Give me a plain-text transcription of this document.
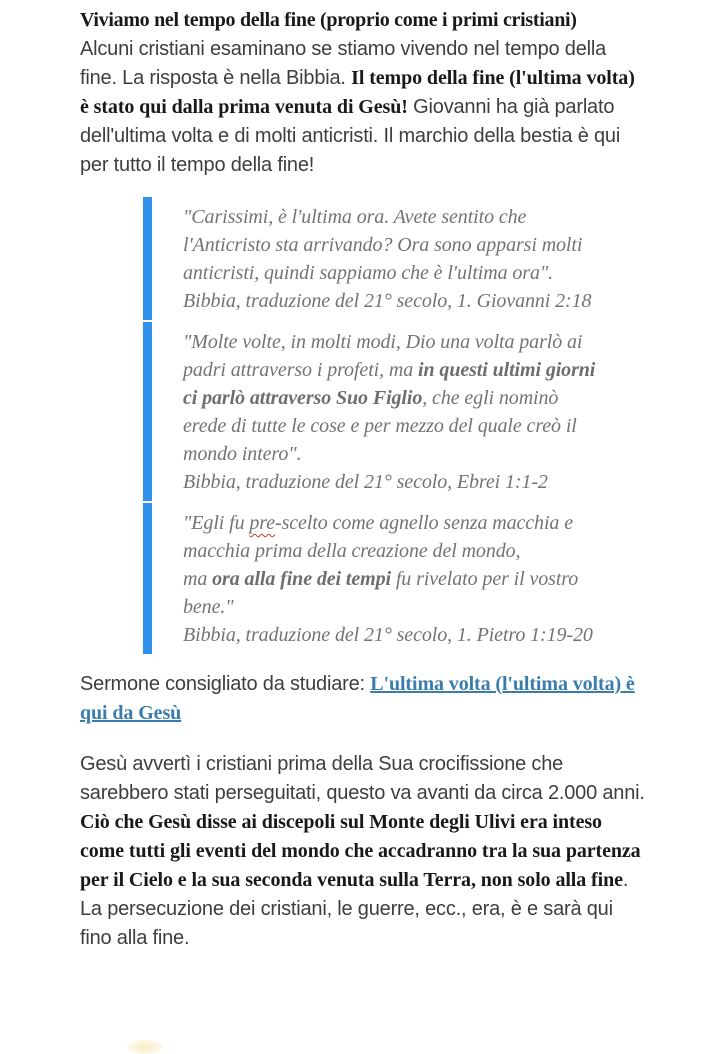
Viviamo nel tempo della fine (proprio come i primi cristiani)
Alcuni cristiani esaminano se stiamo vivendo nel tempo della fine. La risposta è nella Bibbia. Il tempo della fine (l'ultima volta) è stato qui dalla prima venuta di Gesù! Giovanni ha già parlato dell'ultima volta e di molti anticristi. Il marchio della bestia è qui per tutto il tempo della fine!

"Carissimi, è l'ultima ora. Avete sentito che l'Anticristo sta arrivando? Ora sono apparsi molti anticristi, quindi sappiamo che è l'ultima ora".
Bibbia, traduzione del 21° secolo, 1. Giovanni 2:18
"Molte volte, in molti modi, Dio una volta parlò ai padri attraverso i profeti, ma in questi ultimi giorni ci parlò attraverso Suo Figlio, che egli nominò erede di tutte le cose e per mezzo del quale creò il mondo intero".
Bibbia, traduzione del 21° secolo, Ebrei 1:1-2
"Egli fu pre-scelto come agnello senza macchia e macchia prima della creazione del mondo,
ma ora alla fine dei tempi fu rivelato per il vostro bene."
Bibbia, traduzione del 21° secolo, 1. Pietro 1:19-20

Sermone consigliato da studiare: L'ultima volta (l'ultima volta) è qui da Gesù

Gesù avvertì i cristiani prima della Sua crocifissione che sarebbero stati perseguitati, questo va avanti da circa 2.000 anni. Ciò che Gesù disse ai discepoli sul Monte degli Ulivi era inteso come tutti gli eventi del mondo che accadranno tra la sua partenza per il Cielo e la sua seconda venuta sulla Terra, non solo alla fine. La persecuzione dei cristiani, le guerre, ecc., era, è e sarà qui fino alla fine.
